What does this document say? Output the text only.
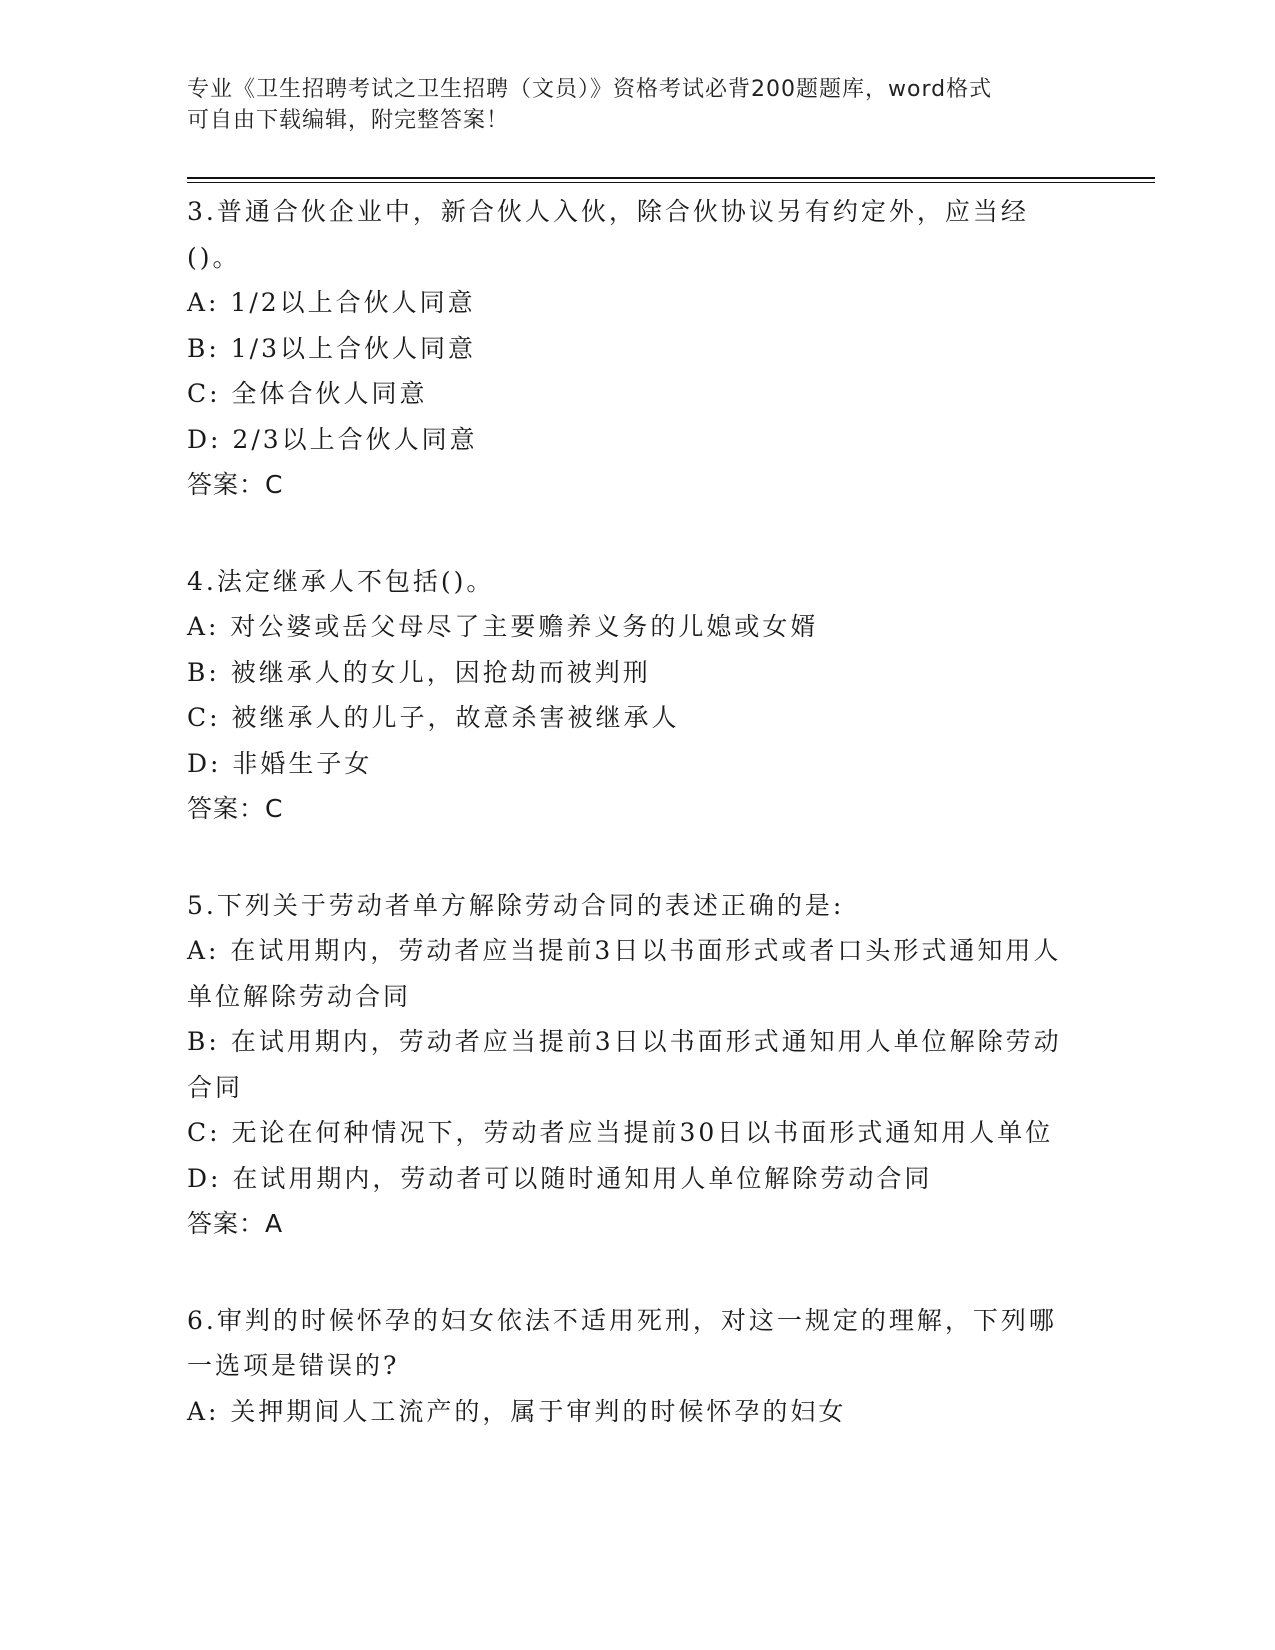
专业《卫生招聘考试之卫生招聘（文员）》资格考试必背200题题库，word格式
可自由下载编辑，附完整答案！
3.普通合伙企业中，新合伙人入伙，除合伙协议另有约定外，应当经()。
A: 1/2以上合伙人同意
B: 1/3以上合伙人同意
C: 全体合伙人同意
D: 2/3以上合伙人同意
答案：C
4.法定继承人不包括()。
A: 对公婆或岳父母尽了主要赡养义务的儿媳或女婿
B: 被继承人的女儿，因抢劫而被判刑
C: 被继承人的儿子，故意杀害被继承人
D: 非婚生子女
答案：C
5.下列关于劳动者单方解除劳动合同的表述正确的是:
A: 在试用期内，劳动者应当提前3日以书面形式或者口头形式通知用人单位解除劳动合同
B: 在试用期内，劳动者应当提前3日以书面形式通知用人单位解除劳动合同
C: 无论在何种情况下，劳动者应当提前30日以书面形式通知用人单位
D: 在试用期内，劳动者可以随时通知用人单位解除劳动合同
答案：A
6.审判的时候怀孕的妇女依法不适用死刑，对这一规定的理解，下列哪一选项是错误的?
A: 关押期间人工流产的，属于审判的时候怀孕的妇女
